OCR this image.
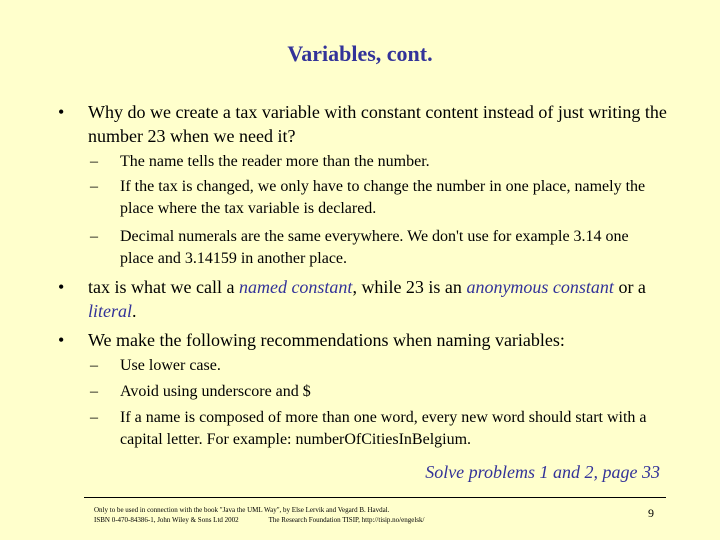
Variables, cont.
• Why do we create a tax variable with constant content instead of just writing the number 23 when we need it?
– The name tells the reader more than the number.
– If the tax is changed, we only have to change the number in one place, namely the place where the tax variable is declared.
– Decimal numerals are the same everywhere. We don't use for example 3.14 one place and 3.14159 in another place.
• tax is what we call a named constant, while 23 is an anonymous constant or a literal.
• We make the following recommendations when naming variables:
– Use lower case.
– Avoid using underscore and $
– If a name is composed of more than one word, every new word should start with a capital letter. For example: numberOfCitiesInBelgium.
Solve problems 1 and 2, page 33
Only to be used in connection with the book "Java the UML Way", by Else Lervik and Vegard B. Havdal.
ISBN 0-470-84386-1, John Wiley & Sons Ltd 2002	The Research Foundation TISIP, http://tisip.no/engelsk/	9
